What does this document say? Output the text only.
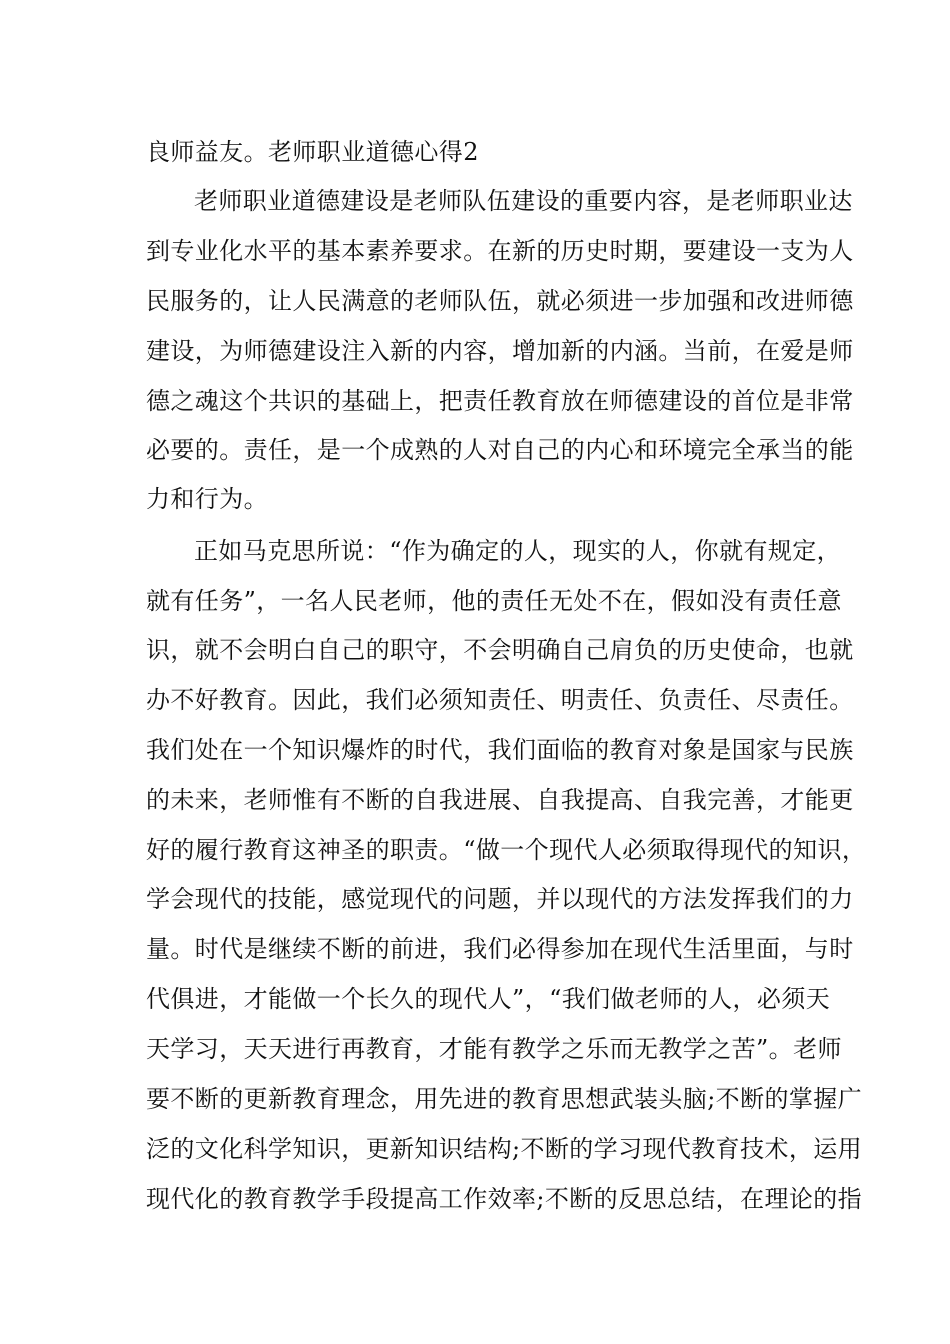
良师益友。老师职业道德心得2

老师职业道德建设是老师队伍建设的重要内容，是老师职业达

到专业化水平的基本素养要求。在新的历史时期，要建设一支为人

民服务的，让人民满意的老师队伍，就必须进一步加强和改进师德

建设，为师德建设注入新的内容，增加新的内涵。当前，在爱是师

德之魂这个共识的基础上，把责任教育放在师德建设的首位是非常

必要的。责任，是一个成熟的人对自己的内心和环境完全承当的能

力和行为。

正如马克思所说：“作为确定的人，现实的人，你就有规定，

就有任务”，一名人民老师，他的责任无处不在，假如没有责任意

识，就不会明白自己的职守，不会明确自己肩负的历史使命，也就

办不好教育。因此，我们必须知责任、明责任、负责任、尽责任。

我们处在一个知识爆炸的时代，我们面临的教育对象是国家与民族

的未来，老师惟有不断的自我进展、自我提高、自我完善，才能更

好的履行教育这神圣的职责。“做一个现代人必须取得现代的知识，

学会现代的技能，感觉现代的问题，并以现代的方法发挥我们的力

量。时代是继续不断的前进，我们必得参加在现代生活里面，与时

代俱进，才能做一个长久的现代人”，“我们做老师的人，必须天

天学习，天天进行再教育，才能有教学之乐而无教学之苦”。老师

要不断的更新教育理念，用先进的教育思想武装头脑;不断的掌握广

泛的文化科学知识，更新知识结构;不断的学习现代教育技术，运用

现代化的教育教学手段提高工作效率;不断的反思总结，在理论的指
